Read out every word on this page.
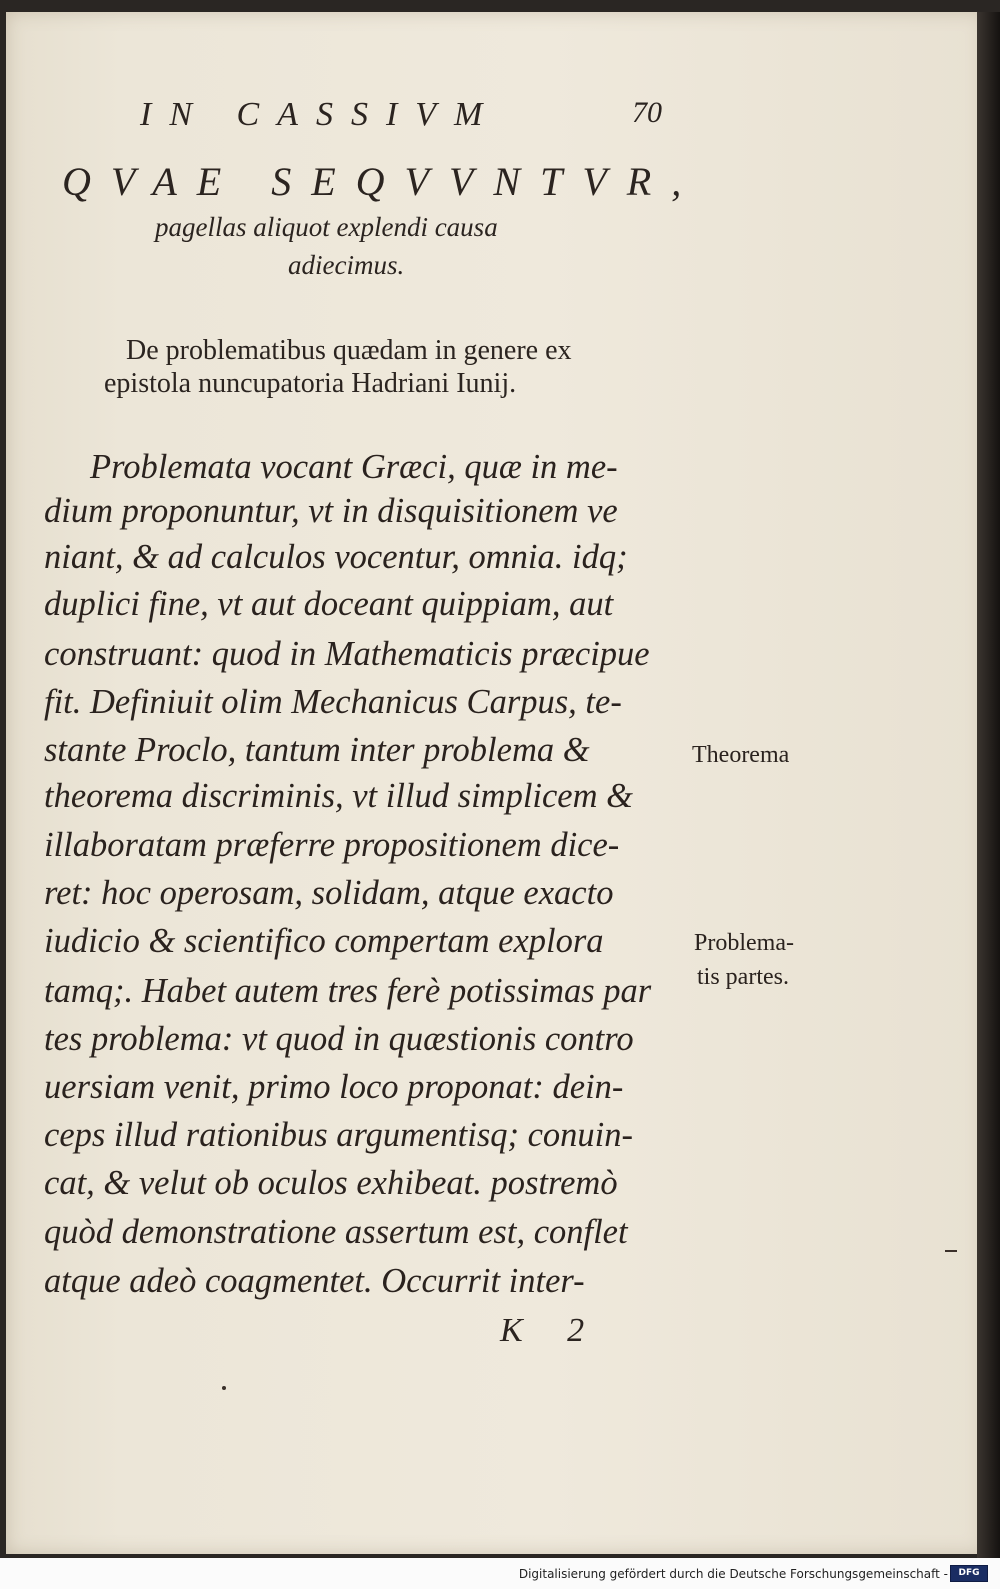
IN CASSIVM	70
QVAE SEQVVNTVR,
pagellas aliquot explendi causa
adiecimus.
De problematibus quædam in genere ex
epistola nuncupatoria Hadriani Iunij.
Problemata vocant Græci, quæ in me-
dium proponuntur, vt in disquisitionem ve
niant, & ad calculos vocentur, omnia. idq;
duplici fine, vt aut doceant quippiam, aut
construant: quod in Mathematicis præcipue
fit. Definiuit olim Mechanicus Carpus, te-
stante Proclo, tantum inter problema &
theorema discriminis, vt illud simplicem &
illaboratam præferre propositionem dice-
ret: hoc operosam, solidam, atque exacto
iudicio & scientifico compertam explora
tamq;. Habet autem tres ferè potissimas par
tes problema: vt quod in quæstionis contro
uersiam venit, primo loco proponat: dein-
ceps illud rationibus argumentisq; conuin-
cat, & velut ob oculos exhibeat. postremò
quòd demonstratione assertum est, conflet
atque adeò coagmentet. Occurrit inter-
Theorema
Problema-
tis partes.
K 2
Digitalisierung gefördert durch die Deutsche Forschungsgemeinschaft -	DFG
